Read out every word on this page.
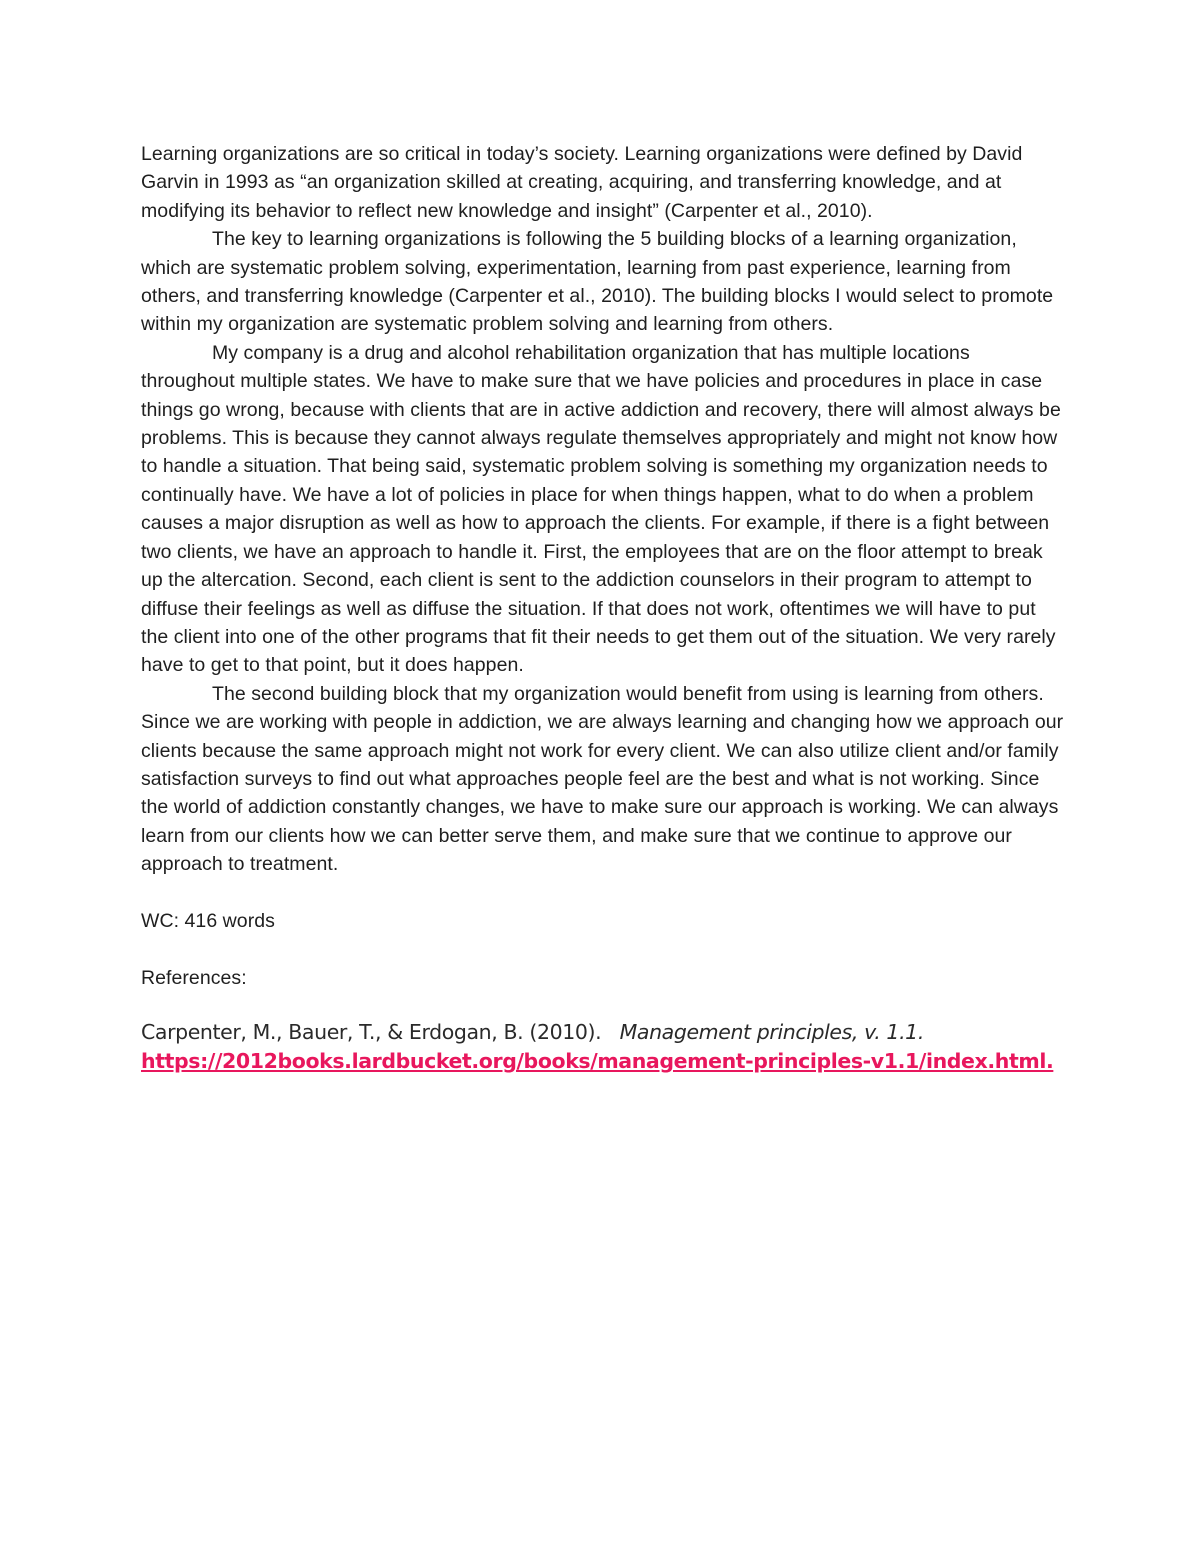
Learning organizations are so critical in today’s society. Learning organizations were defined by David Garvin in 1993 as “an organization skilled at creating, acquiring, and transferring knowledge, and at modifying its behavior to reflect new knowledge and insight” (Carpenter et al., 2010).

The key to learning organizations is following the 5 building blocks of a learning organization, which are systematic problem solving, experimentation, learning from past experience, learning from others, and transferring knowledge (Carpenter et al., 2010). The building blocks I would select to promote within my organization are systematic problem solving and learning from others.

My company is a drug and alcohol rehabilitation organization that has multiple locations throughout multiple states. We have to make sure that we have policies and procedures in place in case things go wrong, because with clients that are in active addiction and recovery, there will almost always be problems. This is because they cannot always regulate themselves appropriately and might not know how to handle a situation. That being said, systematic problem solving is something my organization needs to continually have. We have a lot of policies in place for when things happen, what to do when a problem causes a major disruption as well as how to approach the clients. For example, if there is a fight between two clients, we have an approach to handle it. First, the employees that are on the floor attempt to break up the altercation. Second, each client is sent to the addiction counselors in their program to attempt to diffuse their feelings as well as diffuse the situation. If that does not work, oftentimes we will have to put the client into one of the other programs that fit their needs to get them out of the situation. We very rarely have to get to that point, but it does happen.

The second building block that my organization would benefit from using is learning from others. Since we are working with people in addiction, we are always learning and changing how we approach our clients because the same approach might not work for every client. We can also utilize client and/or family satisfaction surveys to find out what approaches people feel are the best and what is not working. Since the world of addiction constantly changes, we have to make sure our approach is working. We can always learn from our clients how we can better serve them, and make sure that we continue to approve our approach to treatment.

WC: 416 words

References:

Carpenter, M., Bauer, T., & Erdogan, B. (2010). Management principles, v. 1.1.
https://2012books.lardbucket.org/books/management-principles-v1.1/index.html.
